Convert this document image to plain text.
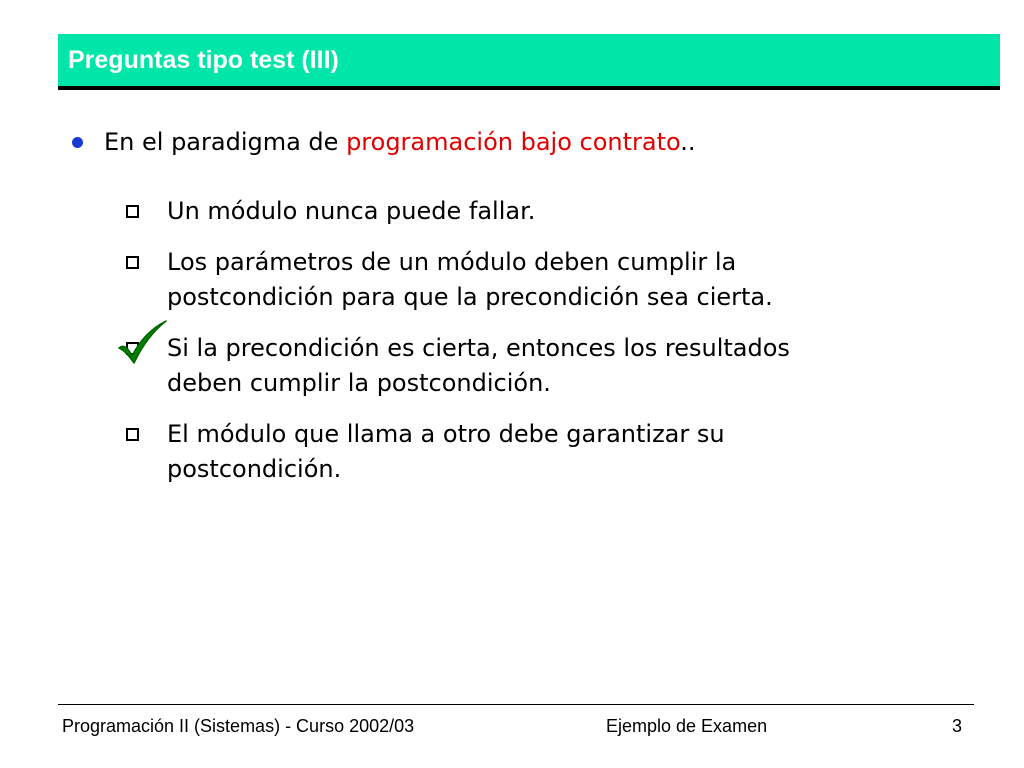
Preguntas tipo test (III)
En el paradigma de programación bajo contrato..
Un módulo nunca puede fallar.
Los parámetros de un módulo deben cumplir la
postcondición para que la precondición sea cierta.
Si la precondición es cierta, entonces los resultados
deben cumplir la postcondición.
El módulo que llama a otro debe garantizar su
postcondición.
Programación II (Sistemas) - Curso 2002/03	Ejemplo de Examen	3
